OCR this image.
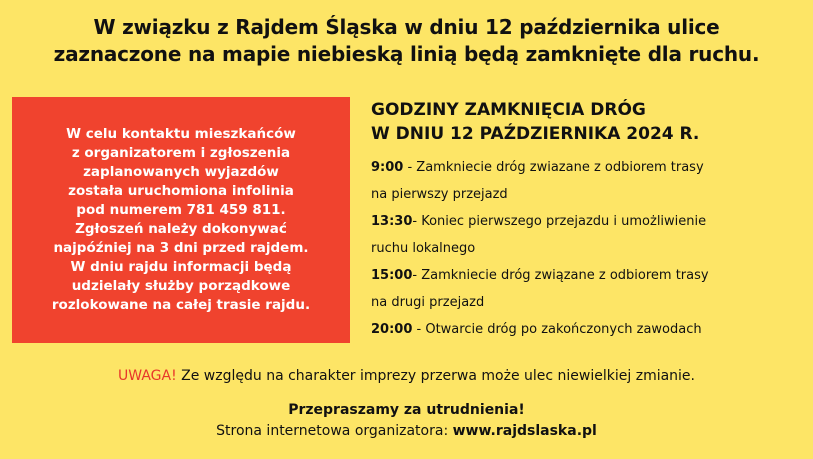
W związku z Rajdem Śląska w dniu 12 października ulice
zaznaczone na mapie niebieską linią będą zamknięte dla ruchu.

W celu kontaktu mieszkańców
z organizatorem i zgłoszenia
zaplanowanych wyjazdów
została uruchomiona infolinia
pod numerem 781 459 811.
Zgłoszeń należy dokonywać
najpóźniej na 3 dni przed rajdem.
W dniu rajdu informacji będą
udzielały służby porządkowe
rozlokowane na całej trasie rajdu.

GODZINY ZAMKNIĘCIA DRÓG
W DNIU 12 PAŹDZIERNIKA 2024 R.
9:00 - Zamkniecie dróg zwiazane z odbiorem trasy
na pierwszy przejazd
13:30- Koniec pierwszego przejazdu i umożliwienie
ruchu lokalnego
15:00- Zamkniecie dróg związane z odbiorem trasy
na drugi przejazd
20:00 - Otwarcie dróg po zakończonych zawodach
UWAGA! Ze względu na charakter imprezy przerwa może ulec niewielkiej zmianie.
Przepraszamy za utrudnienia!
Strona internetowa organizatora: www.rajdslaska.pl
